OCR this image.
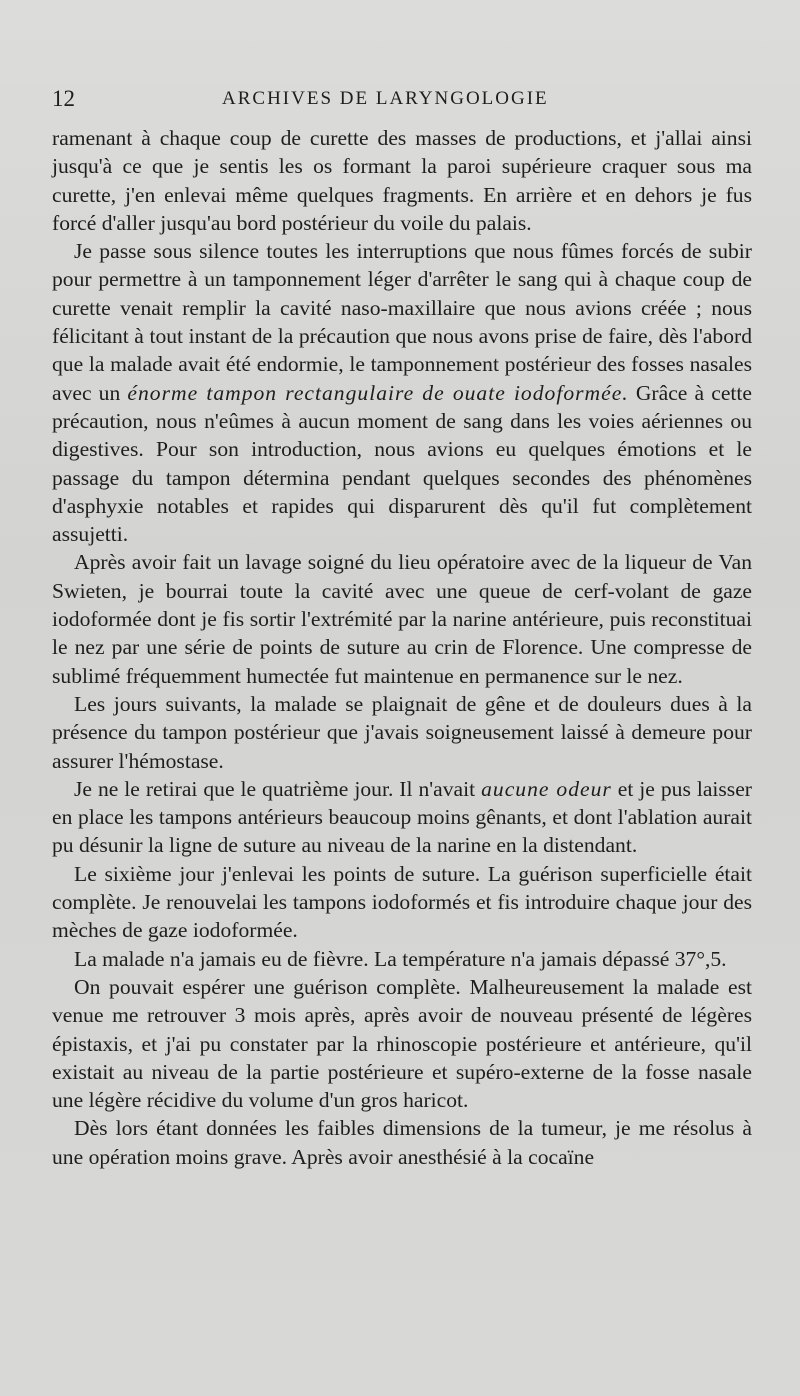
12	ARCHIVES DE LARYNGOLOGIE

ramenant à chaque coup de curette des masses de productions, et j'allai ainsi jusqu'à ce que je sentis les os formant la paroi supérieure craquer sous ma curette, j'en enlevai même quelques fragments. En arrière et en dehors je fus forcé d'aller jusqu'au bord postérieur du voile du palais.

Je passe sous silence toutes les interruptions que nous fûmes forcés de subir pour permettre à un tamponnement léger d'arrêter le sang qui à chaque coup de curette venait remplir la cavité naso-maxillaire que nous avions créée ; nous félicitant à tout instant de la précaution que nous avons prise de faire, dès l'abord que la malade avait été endormie, le tamponnement postérieur des fosses nasales avec un énorme tampon rectangulaire de ouate iodoformée. Grâce à cette précaution, nous n'eûmes à aucun moment de sang dans les voies aériennes ou digestives. Pour son introduction, nous avions eu quelques émotions et le passage du tampon détermina pendant quelques secondes des phénomènes d'asphyxie notables et rapides qui disparurent dès qu'il fut complètement assujetti.

Après avoir fait un lavage soigné du lieu opératoire avec de la liqueur de Van Swieten, je bourrai toute la cavité avec une queue de cerf-volant de gaze iodoformée dont je fis sortir l'extrémité par la narine antérieure, puis reconstituai le nez par une série de points de suture au crin de Florence. Une compresse de sublimé fréquemment humectée fut maintenue en permanence sur le nez.

Les jours suivants, la malade se plaignait de gêne et de douleurs dues à la présence du tampon postérieur que j'avais soigneusement laissé à demeure pour assurer l'hémostase.

Je ne le retirai que le quatrième jour. Il n'avait aucune odeur et je pus laisser en place les tampons antérieurs beaucoup moins gênants, et dont l'ablation aurait pu désunir la ligne de suture au niveau de la narine en la distendant.

Le sixième jour j'enlevai les points de suture. La guérison superficielle était complète. Je renouvelai les tampons iodoformés et fis introduire chaque jour des mèches de gaze iodoformée.

La malade n'a jamais eu de fièvre. La température n'a jamais dépassé 37°,5.

On pouvait espérer une guérison complète. Malheureusement la malade est venue me retrouver 3 mois après, après avoir de nouveau présenté de légères épistaxis, et j'ai pu constater par la rhinoscopie postérieure et antérieure, qu'il existait au niveau de la partie postérieure et supéro-externe de la fosse nasale une légère récidive du volume d'un gros haricot.

Dès lors étant données les faibles dimensions de la tumeur, je me résolus à une opération moins grave. Après avoir anesthésié à la cocaïne
